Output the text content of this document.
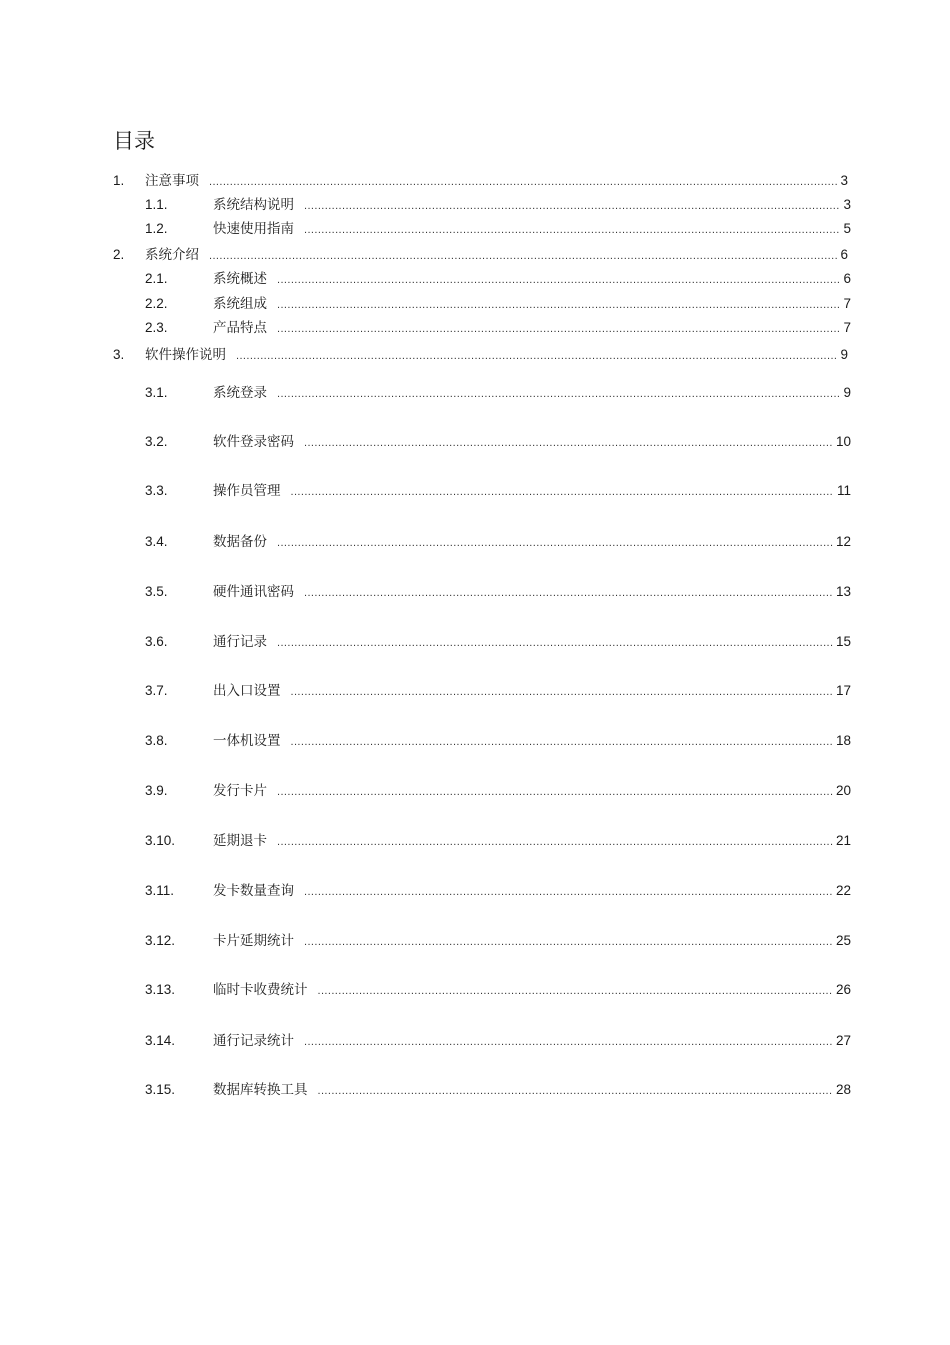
目录
1.	注意事项 .....	3
1.1.	系统结构说明 .....	3
1.2.	快速使用指南 .....	5
2.	系统介绍 .....	6
2.1.	系统概述 .....	6
2.2.	系统组成 .....	7
2.3.	产品特点 .....	7
3.	软件操作说明 .....	9
3.1.	系统登录 .....	9
3.2.	软件登录密码 .....	10
3.3.	操作员管理 .....	11
3.4.	数据备份 .....	12
3.5.	硬件通讯密码 .....	13
3.6.	通行记录 .....	15
3.7.	出入口设置 .....	17
3.8.	一体机设置 .....	18
3.9.	发行卡片 .....	20
3.10.	延期退卡 .....	21
3.11.	发卡数量查询 .....	22
3.12.	卡片延期统计 .....	25
3.13.	临时卡收费统计 .....	26
3.14.	通行记录统计 .....	27
3.15.	数据库转换工具 .....	28
